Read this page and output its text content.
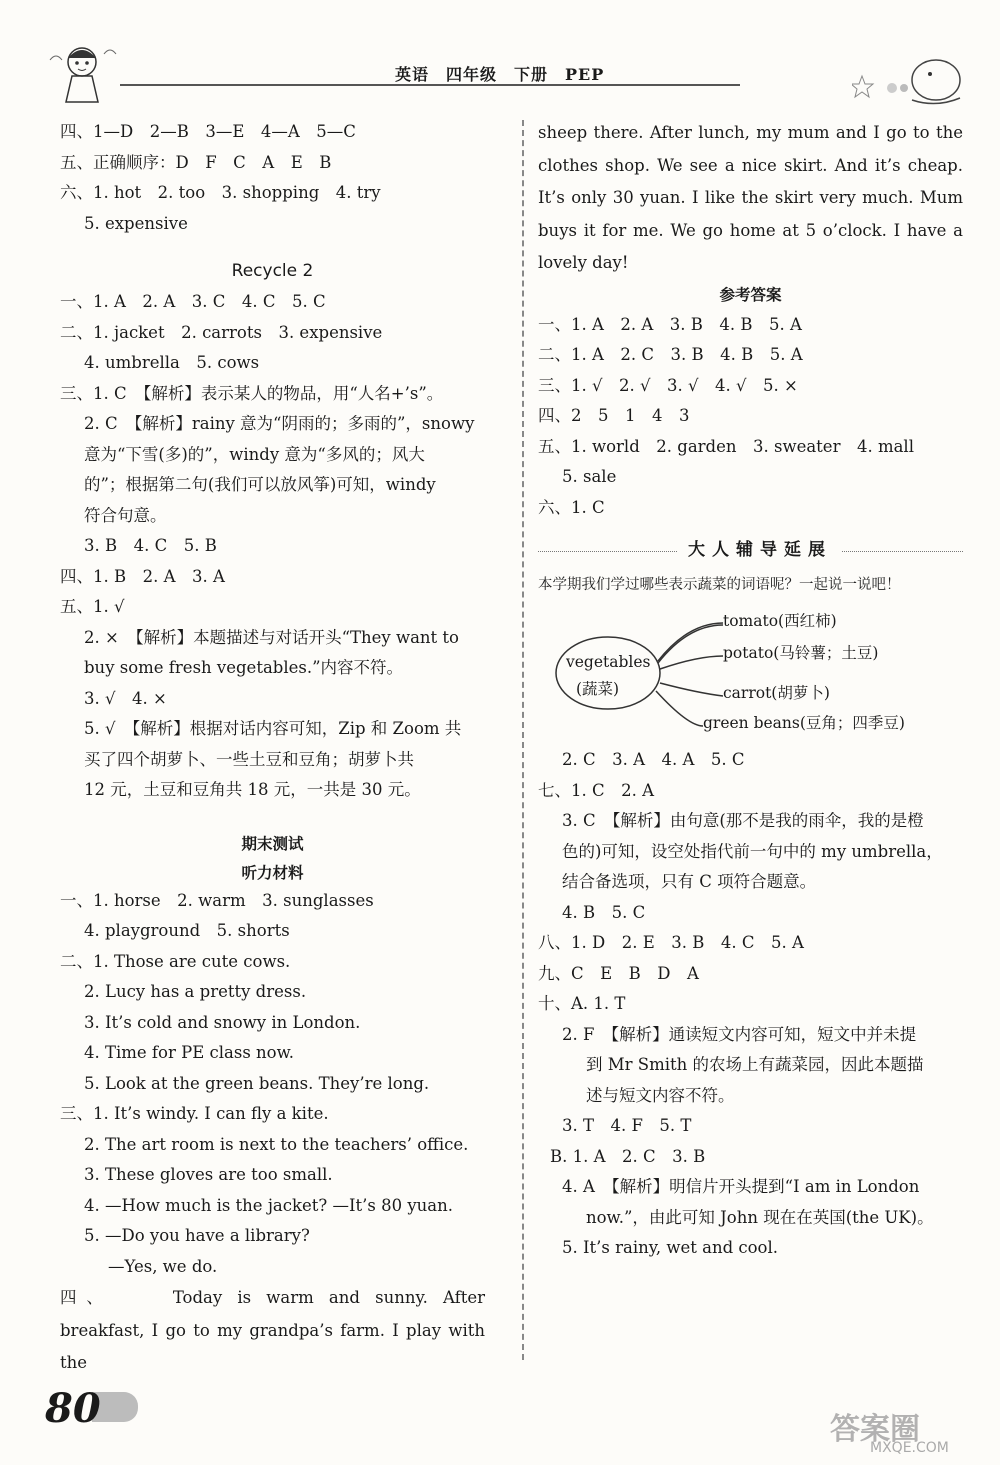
英语　四年级　下册　PEP
四、1—D　2—B　3—E　4—A　5—C
五、正确顺序：D　F　C　A　E　B
六、1. hot　2. too　3. shopping　4. try
5. expensive
Recycle 2
一、1. A　2. A　3. C　4. C　5. C
二、1. jacket　2. carrots　3. expensive
4. umbrella　5. cows
三、1. C　【解析】表示某人的物品，用“人名+’s”。
2. C　【解析】rainy 意为“阴雨的；多雨的”，snowy
意为“下雪(多)的”，windy 意为“多风的；风大
的”；根据第二句(我们可以放风筝)可知，windy
符合句意。
3. B　4. C　5. B
四、1. B　2. A　3. A
五、1. √
2. ×　【解析】本题描述与对话开头“They want to
buy some fresh vegetables.”内容不符。
3. √　4. ×
5. √　【解析】根据对话内容可知，Zip 和 Zoom 共
买了四个胡萝卜、一些土豆和豆角；胡萝卜共
12 元，土豆和豆角共 18 元，一共是 30 元。
期末测试
听力材料
一、1. horse　2. warm　3. sunglasses
4. playground　5. shorts
二、1. Those are cute cows.
2. Lucy has a pretty dress.
3. It’s cold and snowy in London.
4. Time for PE class now.
5. Look at the green beans. They’re long.
三、1. It’s windy. I can fly a kite.
2. The art room is next to the teachers’ office.
3. These gloves are too small.
4. —How much is the jacket? —It’s 80 yuan.
5. —Do you have a library?
—Yes, we do.
四、	Today is warm and sunny. After breakfast, I go to my grandpa’s farm. I play with the
sheep there. After lunch, my mum and I go to the clothes shop. We see a nice skirt. And it’s cheap. It’s only 30 yuan. I like the skirt very much. Mum buys it for me. We go home at 5 o’clock. I have a lovely day!
参考答案
一、1. A　2. A　3. B　4. B　5. A
二、1. A　2. C　3. B　4. B　5. A
三、1. √　2. √　3. √　4. √　5. ×
四、2　5　1　4　3
五、1. world　2. garden　3. sweater　4. mall
5. sale
六、1. C
大人辅导延展
本学期我们学过哪些表示蔬菜的词语呢？一起说一说吧！
vegetables
(蔬菜)
tomato(西红柿)
potato(马铃薯；土豆)
carrot(胡萝卜)
green beans(豆角；四季豆)
2. C　3. A　4. A　5. C
七、1. C　2. A
3. C　【解析】由句意(那不是我的雨伞，我的是橙
色的)可知，设空处指代前一句中的 my umbrella，
结合备选项，只有 C 项符合题意。
4. B　5. C
八、1. D　2. E　3. B　4. C　5. A
九、C　E　B　D　A
十、A. 1. T
2. F　【解析】通读短文内容可知，短文中并未提
到 Mr Smith 的农场上有蔬菜园，因此本题描
述与短文内容不符。
3. T　4. F　5. T
B. 1. A　2. C　3. B
4. A　【解析】明信片开头提到“I am in London
now.”，由此可知 John 现在在英国(the UK)。
5. It’s rainy, wet and cool.
80	答案圈
MXQE.COM
